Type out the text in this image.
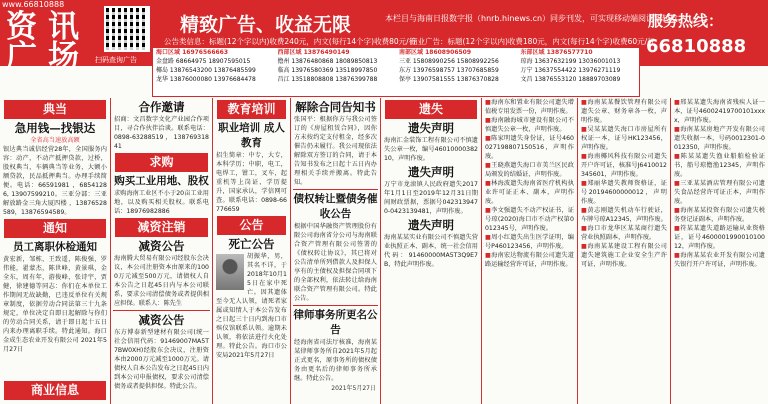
www.66810888
资 讯
广 场 扫码查询广告
精致广告、收益无限	本栏目与海南日报数字报（hnrb.hinews.cn）同步刊发，可实现移动端阅读和转发。
服务热线：
66810888
公告类信息：标题(12个字以内)收费240元，内文(每行14个字)收费80元/行
商业广告：标题(12个字以内)收费180元，内文(每行14个字)收费60元/行
海口区域 16976566663	西部区域 13876490149	南部区域 18608906509	东部区域 13876577710
金盘路 68664975 18907595015	儋州 13876480868 18089850813	三亚 15808990256 15808992256	琼海 13637632199 13036001013
椰岛 13876543200 13876485599	临高 13976580369 13518997850	东方 13976598757 13707685859	万宁 13637554422 13976271119
龙华 13876000080 13976684478	昌江 13518808808 13876399788	保亭 13907581555 13876370828	文昌 13876553120 18889703089
典当
急用钱—找银达
全省高当速放高额
银达典当诚信经营28年，全国服务内容：动产，不动产抵押贷款，过桥，股权典当，车辆典当等业务，大额小额贷款，民品抵押典当。办理手续简便。电话：66591981 ，68541286, 13907599210。三亚分部：三亚解放路金三角大厦四楼 ，13876528589，13876594589。
通知
员工离职休检通知
黄宏新，邹栋，王致遥，陈俊强，罗伟能，翟蒙杰，陈世峰，黄景琪，金全东，周有年，游俊峰，张诗宇，贾健，徐建德等同志：你们在本单位工作期间无故缺勤，已违反单位有关规章制度，依据劳动合同法第三十九条规定，单位决定自即日起解除与你们的劳动合同关系，请于即日起十五日内来办理离职手续。特此通知。海口金成生态农业开发有限公司 2021年5月27日
商业信息
合作邀请
招商：文昌数字文化产业园合作项目，寻合作伙伴洽谈。联系电话：0898-63288519，13876931841
求购
购买工业用地、股权
求购海南工业区不小于20亩工业用地，以及购买相关股权。联系电话：18976982886
减资注销
减资公告
海南腾大贸易有限公司经股东会决议，本公司注册资本由原来的1000万元减至500万元，请债权人自本公告之日起45日内与本公司联系，要求公司清偿债务或者提供相应担保。联系人：陈先生
减资公告
东方博泰新型建材有限公司(统一社会信用代码：91469007MA5T7BW0XH)经股东会决议，注册资本由2000万元减至1000万元。请债权人自本公告发布之日起45日内到本公司申报债权，要求公司清偿债务或者提供担保。特此公告。
教育培训
职业培训 成人教育
招生简章：中专，大专，本科学历；中职，电工，电焊工，钳工，叉车，起重机等上岗证，学历提升，国家承认，学信网可查。联系电话：0898-66776659
公告
死亡公告
胡振华，男，其名不详，于2018年10月15日在家中死亡。因其遗体至今无人认领，请死者家属或知情人于本公告发布之日起三十日内到海口市殡仪馆联系认领。逾期未认领，将依法进行火化处理。特此公告。海口市公安局2021年5月27日
解除合同告知书
张国平：根据你方与我公司签订的《房屋租赁合同》，因你方未按约定支付租金，经多次催告仍未履行。我公司现依法解除双方签订的合同，请于本告知书发布之日起十五日内办理相关手续并搬离。特此告知。
债权转让暨债务催收公告
根据中国华融资产管理股份有限公司海南省分公司与海南联合资产管理有限公司签署的《债权转让协议》，其已将对公告清单所列借款人及担保人享有的主债权及担保合同项下的全部权利，依法转让给海南联合资产管理有限公司。特此公告。
律师事务所更名公告
经海南省司法厅核准，海南某某律师事务所自2021年5月起正式更名，原事务所的债权债务由更名后的律师事务所承继。特此公告。
2021年5月27日
遗失
遗失声明
海南汇金装饰工程有限公司不慎遗失公章一枚，编号4601000038210，声明作废。
遗失声明
万宁市龙滚镇人民政府遗失2017年1月1日至2019年12月31日期间财政票据，票据号0423139470-0423139481，声明作废。
遗失声明
海南某某实业有限公司不慎遗失营业执照正本、副本，统一社会信用代码：91460000MA5T3Q9E7B，特此声明作废。
■海南东和置业有限公司遗失增值税专用发票一份，声明作废。
■海南融海城市建设有限公司不慎遗失公章一枚，声明作废。
■陈家明遗失身份证，证号460027198807150516，声明作废。
■王晓燕遗失海口市美兰区民政局颁发的结婚证，声明作废。
■林海波遗失海南省医疗机构执业许可证正本、副本，声明作废。
■李文强遗失不动产权证书，证号琼(2020)海口市不动产权第0012345号，声明作废。
■周小红遗失出生医学证明，编号P460123456，声明作废。
■海南宏达物流有限公司遗失道路运输经营许可证，声明作废。
■海南某某餐饮管理有限公司遗失公章、财务章各一枚，声明作废。
■吴某某遗失海口市房屋所有权证一本，证号HK123456，声明作废。
■海南椰风科技有限公司遗失开户许可证，核准号J6410012345601，声明作废。
■郑丽华遗失教师资格证，证号20194600000012，声明作废。
■黄志刚遗失机动车行驶证，车牌号琼A12345，声明作废。
■海口市龙华区某某商行遗失营业执照副本，声明作废。
■海南某某建设工程有限公司遗失建筑施工企业安全生产许可证，声明作废。
■邢某某遗失海南省残疾人证一本，证号46002419700101xxxx，声明作废。
■海南某某房地产开发有限公司遗失收据一本，号码0012301-0012350，声明作废。
■陈某某遗失渔业船舶检验证书，船号琼儋渔12345，声明作废。
■三亚某某酒店管理有限公司遗失食品经营许可证正本，声明作废。
■海南某某投资有限公司遗失税务登记证副本，声明作废。
■符某某遗失道路运输从业资格证，证号460000199001010012，声明作废。
■海南某某农业开发有限公司遗失银行开户许可证，声明作废。
